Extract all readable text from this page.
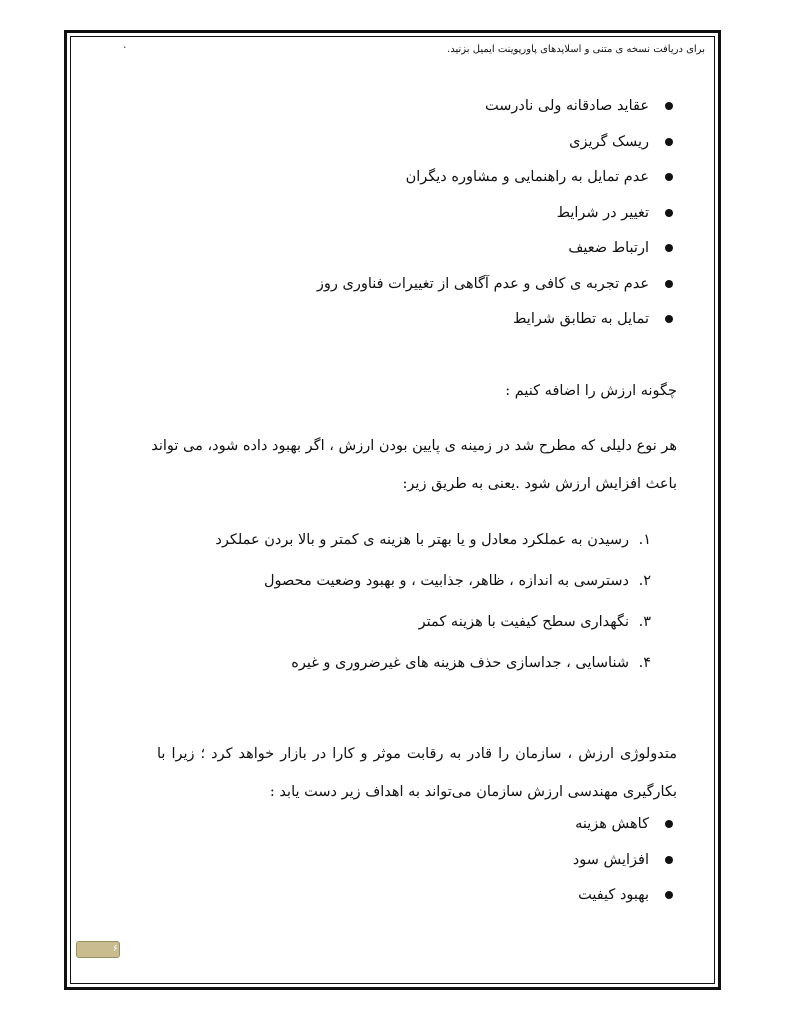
برای دریافت نسخه ی متنی و اسلایدهای پاورپوینت ایمیل بزنید.
۰
عقاید صادقانه ولی نادرست
ریسک گریزی
عدم تمایل به راهنمایی و مشاوره دیگران
تغییر در شرایط
ارتباط ضعیف
عدم تجربه ی کافی و عدم آگاهی از تغییرات فناوری روز
تمایل به تطابق شرایط
چگونه ارزش را اضافه کنیم :
هر نوع دلیلی که مطرح شد در زمینه ی پایین بودن ارزش ، اگر بهبود داده شود، می تواند
باعث افزایش ارزش شود .یعنی به طریق زیر:
۱.
رسیدن به عملکرد معادل و یا بهتر با هزینه ی کمتر و بالا بردن عملکرد
۲.
دسترسی به اندازه ، ظاهر، جذابیت ، و بهبود وضعیت محصول
۳.
نگهداری سطح کیفیت با هزینه کمتر
۴.
شناسایی ، جداسازی حذف هزینه های غیرضروری و غیره
متدولوژی ارزش ، سازمان را قادر به رقابت موثر و کارا در بازار خواهد کرد ؛ زیرا با
بکارگیری مهندسی ارزش سازمان می‌تواند به اهداف زیر دست یابد :
کاهش هزینه
افزایش سود
بهبود کیفیت
۶
